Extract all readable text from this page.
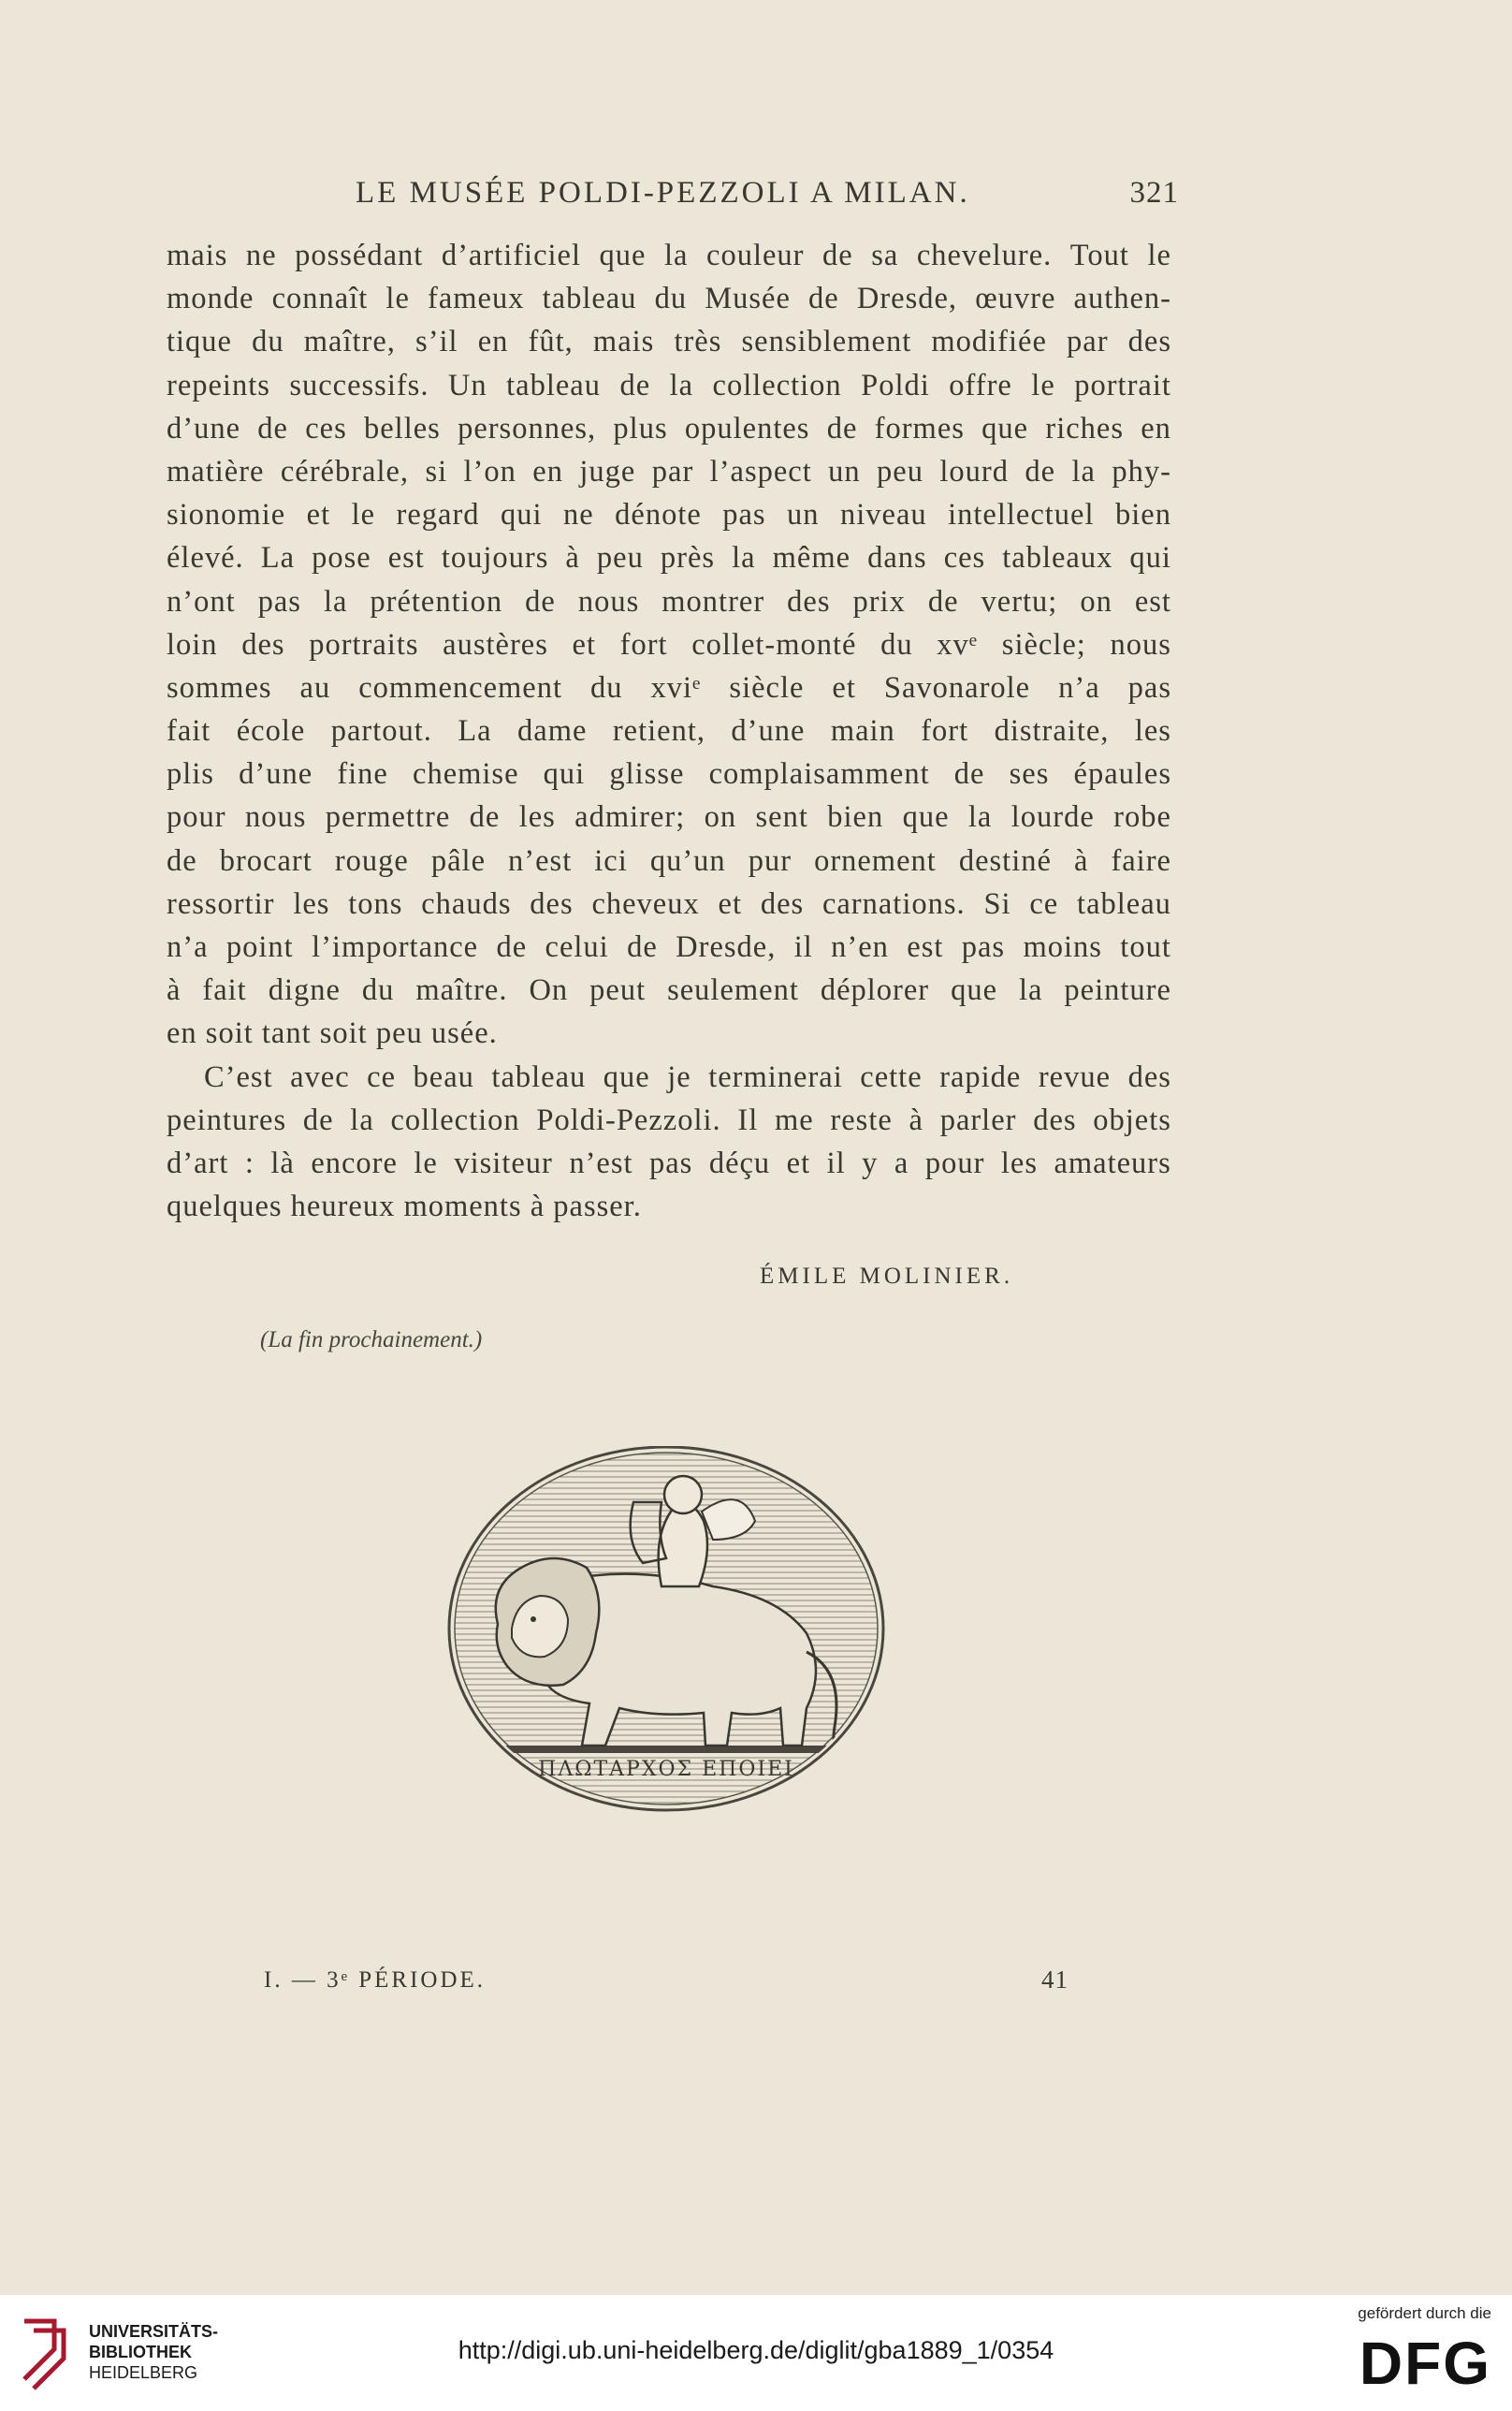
LE MUSÉE POLDI-PEZZOLI A MILAN.	321
mais ne possédant d’artificiel que la couleur de sa chevelure. Tout le
monde connaît le fameux tableau du Musée de Dresde, œuvre authen-
tique du maître, s’il en fût, mais très sensiblement modifiée par des
repeints successifs. Un tableau de la collection Poldi offre le portrait
d’une de ces belles personnes, plus opulentes de formes que riches en
matière cérébrale, si l’on en juge par l’aspect un peu lourd de la phy-
sionomie et le regard qui ne dénote pas un niveau intellectuel bien
élevé. La pose est toujours à peu près la même dans ces tableaux qui
n’ont pas la prétention de nous montrer des prix de vertu; on est
loin des portraits austères et fort collet-monté du xvᵉ siècle; nous
sommes au commencement du xviᵉ siècle et Savonarole n’a pas
fait école partout. La dame retient, d’une main fort distraite, les
plis d’une fine chemise qui glisse complaisamment de ses épaules
pour nous permettre de les admirer; on sent bien que la lourde robe
de brocart rouge pâle n’est ici qu’un pur ornement destiné à faire
ressortir les tons chauds des cheveux et des carnations. Si ce tableau
n’a point l’importance de celui de Dresde, il n’en est pas moins tout
à fait digne du maître. On peut seulement déplorer que la peinture
en soit tant soit peu usée.
C’est avec ce beau tableau que je terminerai cette rapide revue des
peintures de la collection Poldi-Pezzoli. Il me reste à parler des objets
d’art : là encore le visiteur n’est pas déçu et il y a pour les amateurs
quelques heureux moments à passer.
ÉMILE MOLINIER.
(La fin prochainement.)
ΠΛΩΤΑΡΧΟΣ ΕΠΟΙΕΙ
I. — 3ᵉ PÉRIODE.	41
UNIVERSITÄTS-
BIBLIOTHEK
HEIDELBERG
http://digi.ub.uni-heidelberg.de/diglit/gba1889_1/0354
gefördert durch die
DFG
